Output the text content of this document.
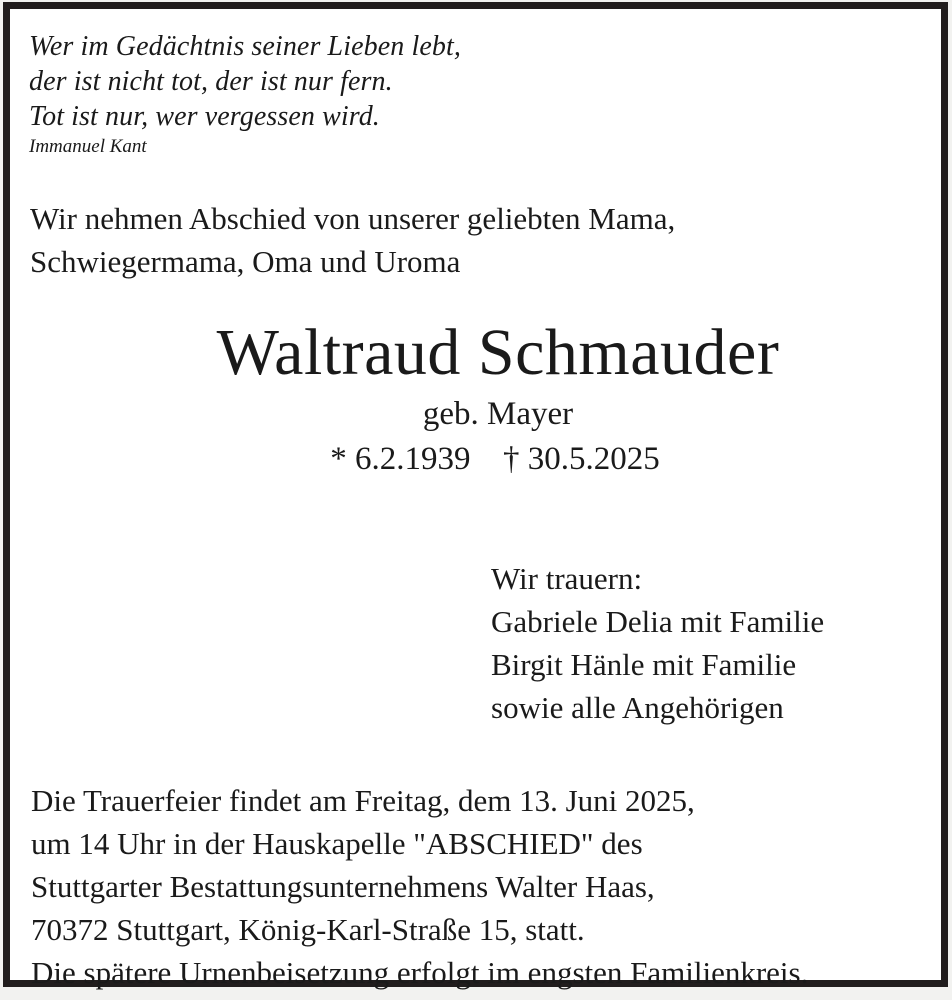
Wer im Gedächtnis seiner Lieben lebt,
der ist nicht tot, der ist nur fern.
Tot ist nur, wer vergessen wird.
Immanuel Kant
Wir nehmen Abschied von unserer geliebten Mama,
Schwiegermama, Oma und Uroma
Waltraud Schmauder
geb. Mayer
* 6.2.1939 † 30.5.2025
Wir trauern:
Gabriele Delia mit Familie
Birgit Hänle mit Familie
sowie alle Angehörigen
Die Trauerfeier findet am Freitag, dem 13. Juni 2025,
um 14 Uhr in der Hauskapelle "ABSCHIED" des
Stuttgarter Bestattungsunternehmens Walter Haas,
70372 Stuttgart, König-Karl-Straße 15, statt.
Die spätere Urnenbeisetzung erfolgt im engsten Familienkreis.
